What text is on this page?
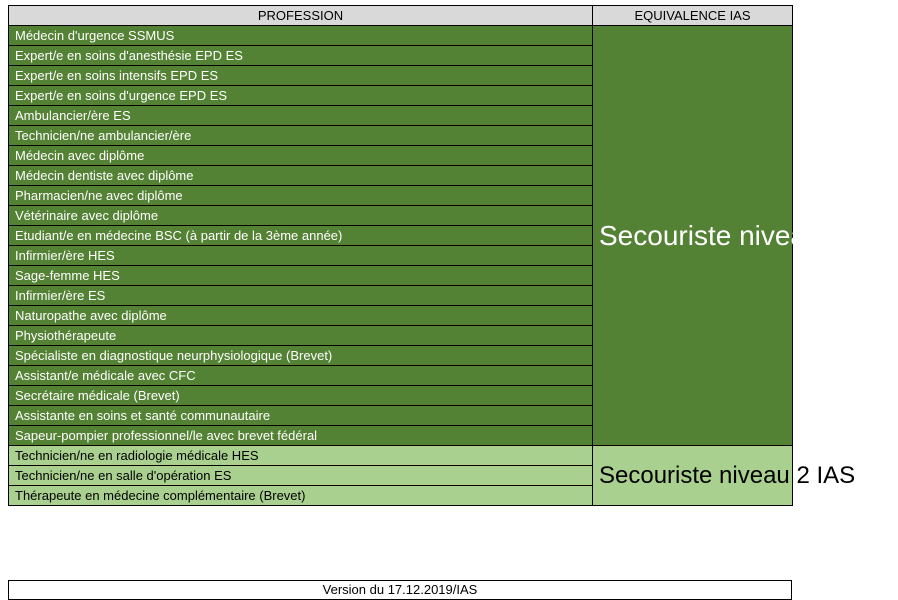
PROFESSION	EQUIVALENCE IAS
Médecin d'urgence SSMUS	Secouriste niveau 3 IAS
Expert/e en soins d'anesthésie EPD ES	
Expert/e en soins intensifs EPD ES	
Expert/e en soins d'urgence EPD ES	
Ambulancier/ère ES	
Technicien/ne ambulancier/ère	
Médecin avec diplôme	
Médecin dentiste avec diplôme	
Pharmacien/ne avec diplôme	
Vétérinaire avec diplôme	
Etudiant/e en médecine BSC (à partir de la 3ème année)	
Infirmier/ère HES	
Sage-femme HES	
Infirmier/ère ES	
Naturopathe avec diplôme	
Physiothérapeute	
Spécialiste en diagnostique neurphysiologique (Brevet)	
Assistant/e médicale avec CFC	
Secrétaire médicale (Brevet)	
Assistante en soins et santé communautaire	
Sapeur-pompier professionnel/le avec brevet fédéral	
Technicien/ne en radiologie médicale HES	Secouriste niveau 2 IAS
Technicien/ne en salle d'opération ES	
Thérapeute en médecine complémentaire (Brevet)	
Version du 17.12.2019/IAS
